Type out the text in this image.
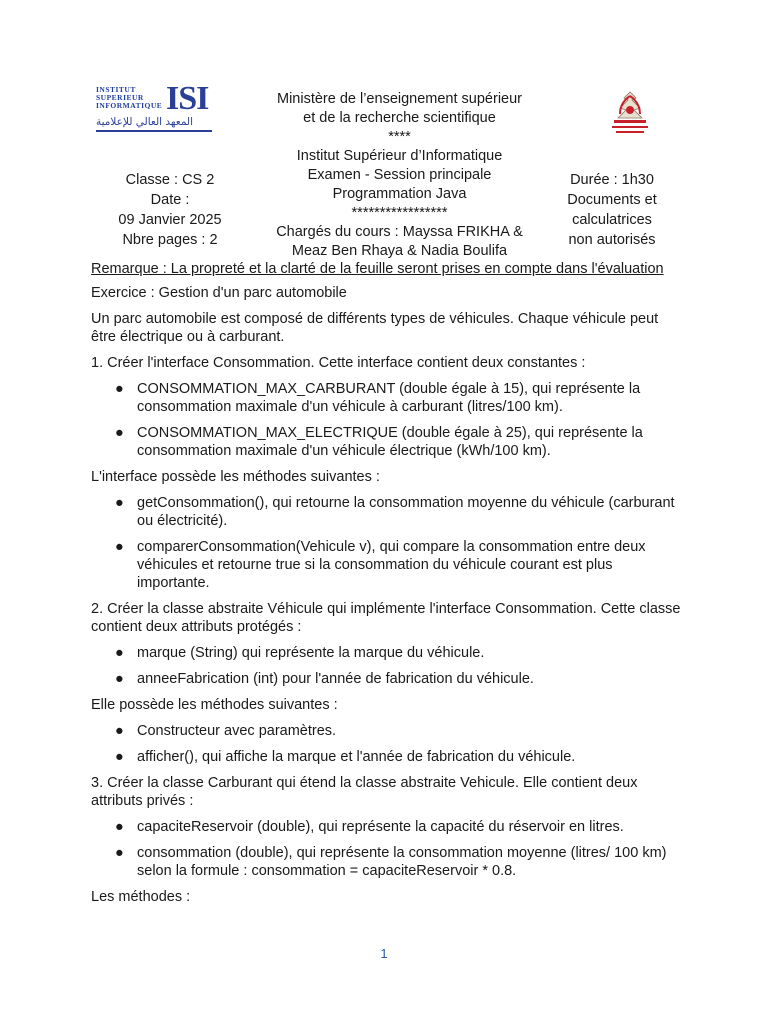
INSTITUT
SUPERIEUR
INFORMATIQUE ISI
المعهد العالي للإعلامية
Ministère de l’enseignement supérieur
et de la recherche scientifique
****
Institut Supérieur d’Informatique
Examen - Session principale
Programmation Java
*****************
Chargés du cours : Mayssa FRIKHA &
Meaz Ben Rhaya & Nadia Boulifa
Classe : CS 2
Date :
09 Janvier 2025
Nbre pages : 2
Durée : 1h30
Documents et
calculatrices
non autorisés

Remarque : La propreté et la clarté de la feuille seront prises en compte dans l'évaluation

Exercice : Gestion d'un parc automobile

Un parc automobile est composé de différents types de véhicules. Chaque véhicule peut être électrique ou à carburant.

1. Créer l'interface Consommation. Cette interface contient deux constantes :

● CONSOMMATION_MAX_CARBURANT (double égale à 15), qui représente la consommation maximale d'un véhicule à carburant (litres/100 km).
● CONSOMMATION_MAX_ELECTRIQUE (double égale à 25), qui représente la consommation maximale d'un véhicule électrique (kWh/100 km).

L'interface possède les méthodes suivantes :

● getConsommation(), qui retourne la consommation moyenne du véhicule (carburant ou électricité).
● comparerConsommation(Vehicule v), qui compare la consommation entre deux véhicules et retourne true si la consommation du véhicule courant est plus importante.

2. Créer la classe abstraite Véhicule qui implémente l'interface Consommation. Cette classe contient deux attributs protégés :

● marque (String) qui représente la marque du véhicule.
● anneeFabrication (int) pour l'année de fabrication du véhicule.

Elle possède les méthodes suivantes :

● Constructeur avec paramètres.
● afficher(), qui affiche la marque et l'année de fabrication du véhicule.

3. Créer la classe Carburant qui étend la classe abstraite Vehicule. Elle contient deux attributs privés :

● capaciteReservoir (double), qui représente la capacité du réservoir en litres.
● consommation (double), qui représente la consommation moyenne (litres/ 100 km) selon la formule : consommation = capaciteReservoir * 0.8.

Les méthodes :

1
